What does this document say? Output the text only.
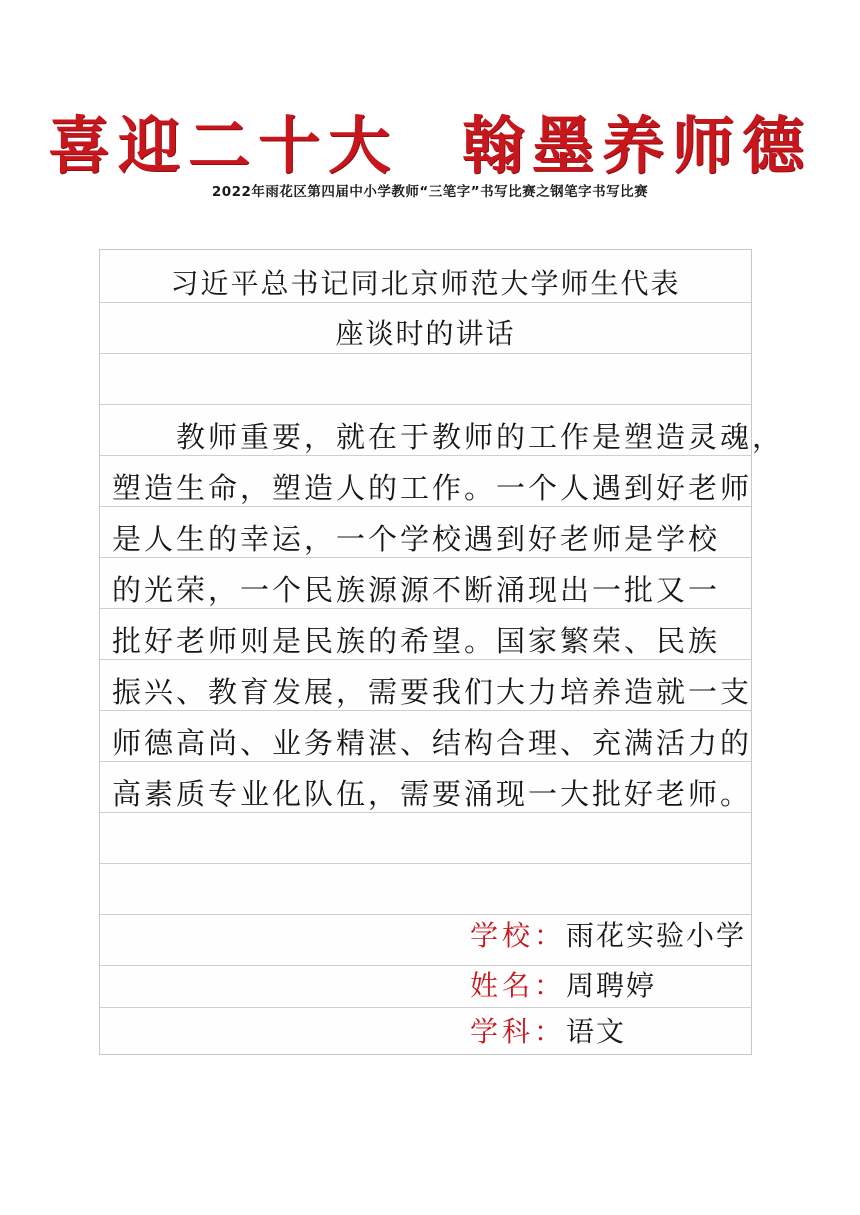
喜迎二十大 翰墨养师德
2022年雨花区第四届中小学教师“三笔字”书写比赛之钢笔字书写比赛
习近平总书记同北京师范大学师生代表
座谈时的讲话
　　教师重要，就在于教师的工作是塑造灵魂，
塑造生命，塑造人的工作。一个人遇到好老师
是人生的幸运，一个学校遇到好老师是学校
的光荣，一个民族源源不断涌现出一批又一
批好老师则是民族的希望。国家繁荣、民族
振兴、教育发展，需要我们大力培养造就一支
师德高尚、业务精湛、结构合理、充满活力的
高素质专业化队伍，需要涌现一大批好老师。
学校：雨花实验小学
姓名：周聘婷
学科：语文
